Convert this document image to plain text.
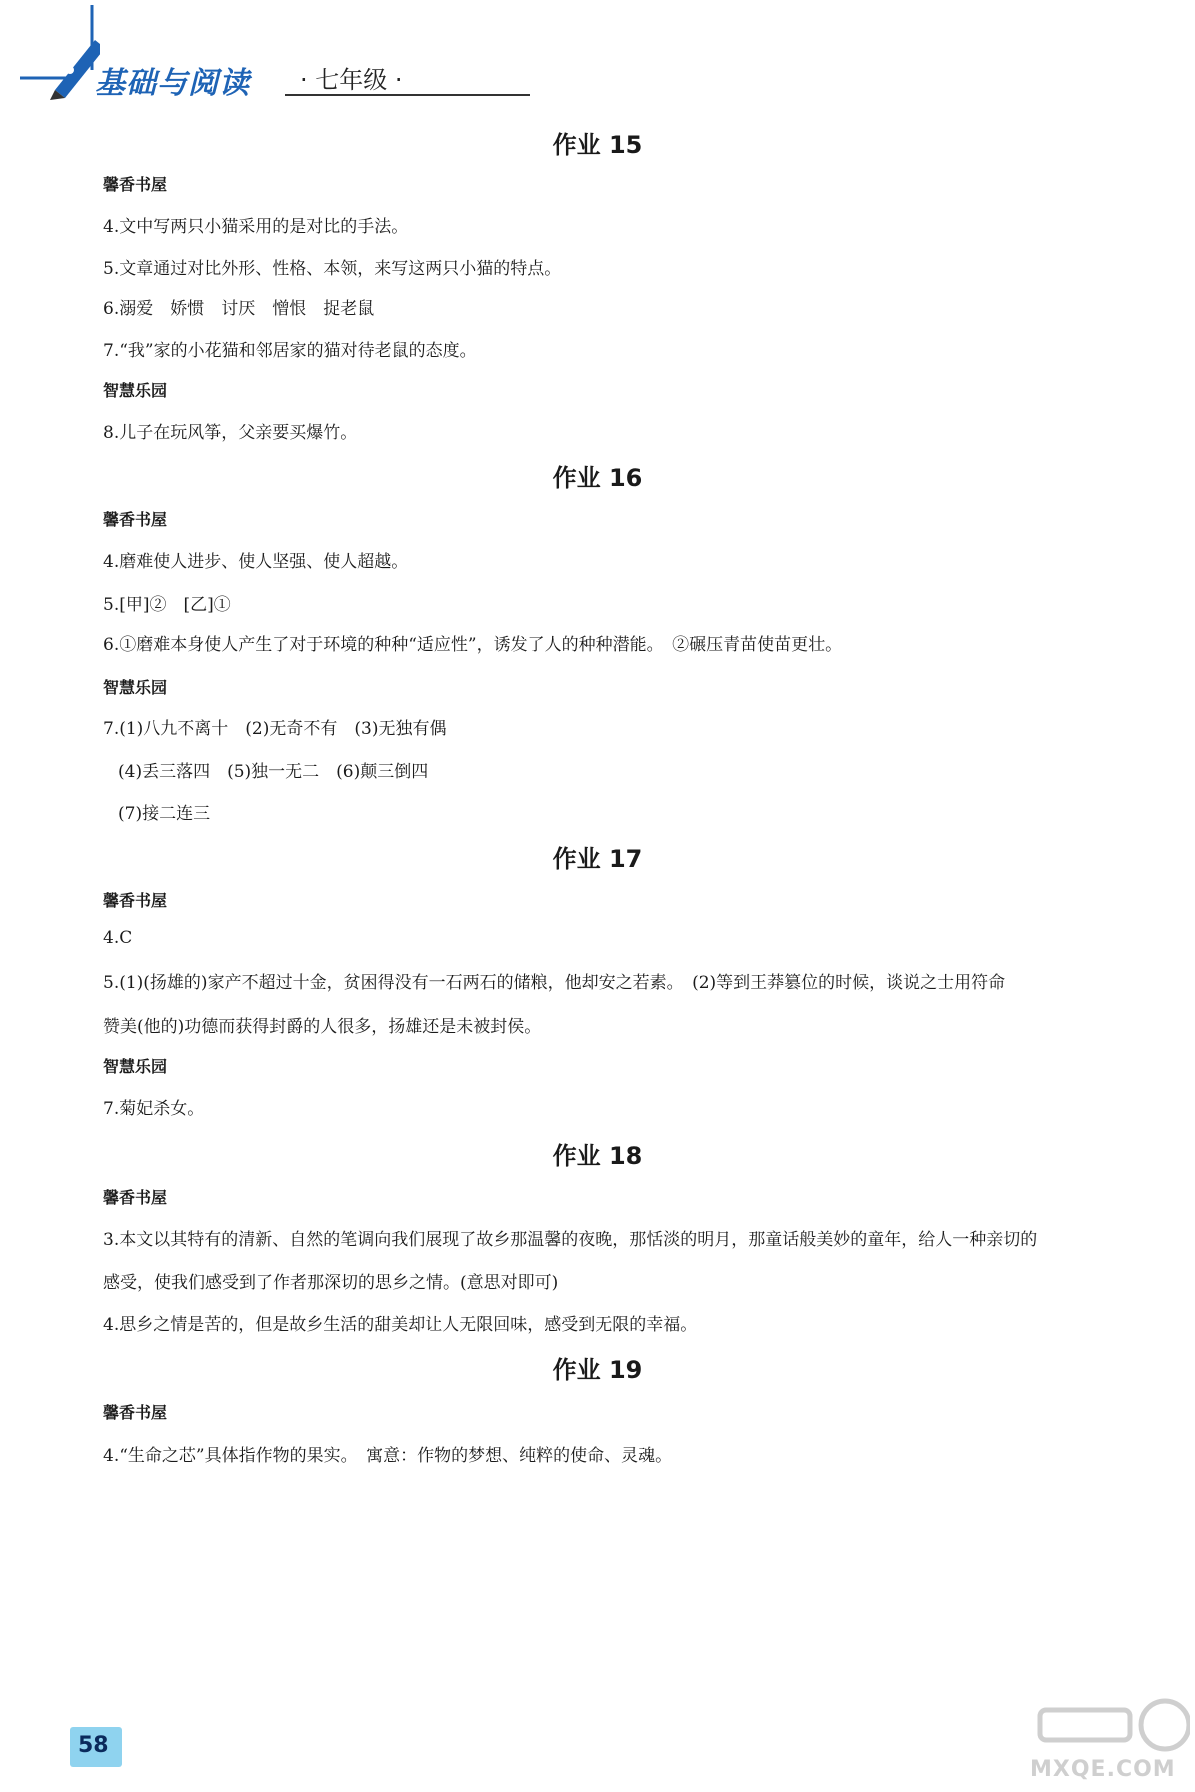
基础与阅读 · 七年级 ·
作业 15
馨香书屋
4.文中写两只小猫采用的是对比的手法。
5.文章通过对比外形、性格、本领，来写这两只小猫的特点。
6.溺爱　娇惯　讨厌　憎恨　捉老鼠
7.“我”家的小花猫和邻居家的猫对待老鼠的态度。
智慧乐园
8.儿子在玩风筝，父亲要买爆竹。
作业 16
馨香书屋
4.磨难使人进步、使人坚强、使人超越。
5.[甲]②　[乙]①
6.①磨难本身使人产生了对于环境的种种“适应性”，诱发了人的种种潜能。　②碾压青苗使苗更壮。
智慧乐园
7.(1)八九不离十　(2)无奇不有　(3)无独有偶
(4)丢三落四　(5)独一无二　(6)颠三倒四
(7)接二连三
作业 17
馨香书屋
4.C
5.(1)(扬雄的)家产不超过十金，贫困得没有一石两石的储粮，他却安之若素。　(2)等到王莽篡位的时候，谈说之士用符命
赞美(他的)功德而获得封爵的人很多，扬雄还是未被封侯。
智慧乐园
7.菊妃杀女。
作业 18
馨香书屋
3.本文以其特有的清新、自然的笔调向我们展现了故乡那温馨的夜晚，那恬淡的明月，那童话般美妙的童年，给人一种亲切的
感受，使我们感受到了作者那深切的思乡之情。(意思对即可)
4.思乡之情是苦的，但是故乡生活的甜美却让人无限回味，感受到无限的幸福。
作业 19
馨香书屋
4.“生命之芯”具体指作物的果实。　寓意：作物的梦想、纯粹的使命、灵魂。
58
MXQE.COM
